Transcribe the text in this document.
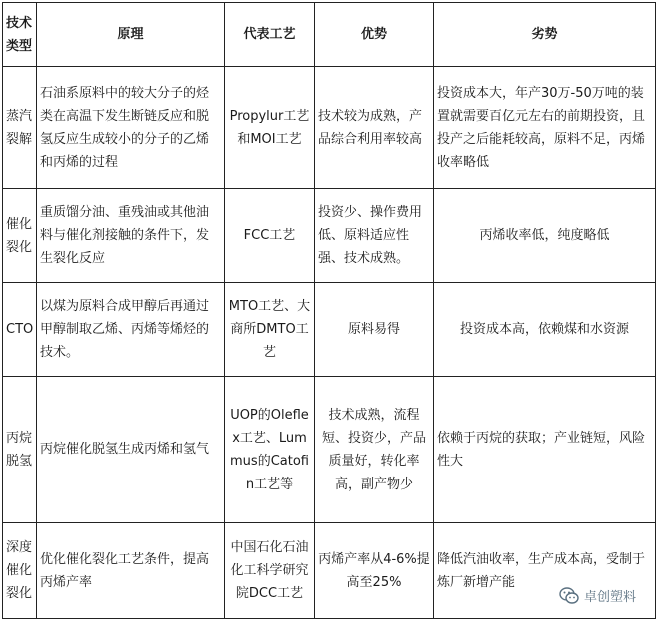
技术类型	原理	代表工艺	优势	劣势
蒸汽裂解	石油系原料中的较大分子的烃类在高温下发生断链反应和脱氢反应生成较小的分子的乙烯和丙烯的过程	Propylur工艺和MOI工艺	技术较为成熟，产品综合利用率较高	投资成本大，年产30万-50万吨的装置就需要百亿元左右的前期投资，且投产之后能耗较高，原料不足，丙烯收率略低
催化裂化	重质馏分油、重残油或其他油料与催化剂接触的条件下，发生裂化反应	FCC工艺	投资少、操作费用低、原料适应性强、技术成熟。	丙烯收率低，纯度略低
CTO	以煤为原料合成甲醇后再通过甲醇制取乙烯、丙烯等烯烃的技术。	MTO工艺、大商所DMTO工艺	原料易得	投资成本高，依赖煤和水资源
丙烷脱氢	丙烷催化脱氢生成丙烯和氢气	UOP的Oleflex工艺、Lummus的Catofin工艺等	技术成熟，流程短、投资少，产品质量好，转化率高，副产物少	依赖于丙烷的获取；产业链短，风险性大
深度催化裂化	优化催化裂化工艺条件，提高丙烯产率	中国石化石油化工科学研究院DCC工艺	丙烯产率从4-6%提高至25%	降低汽油收率，生产成本高，受制于炼厂新增产能
卓创塑料
